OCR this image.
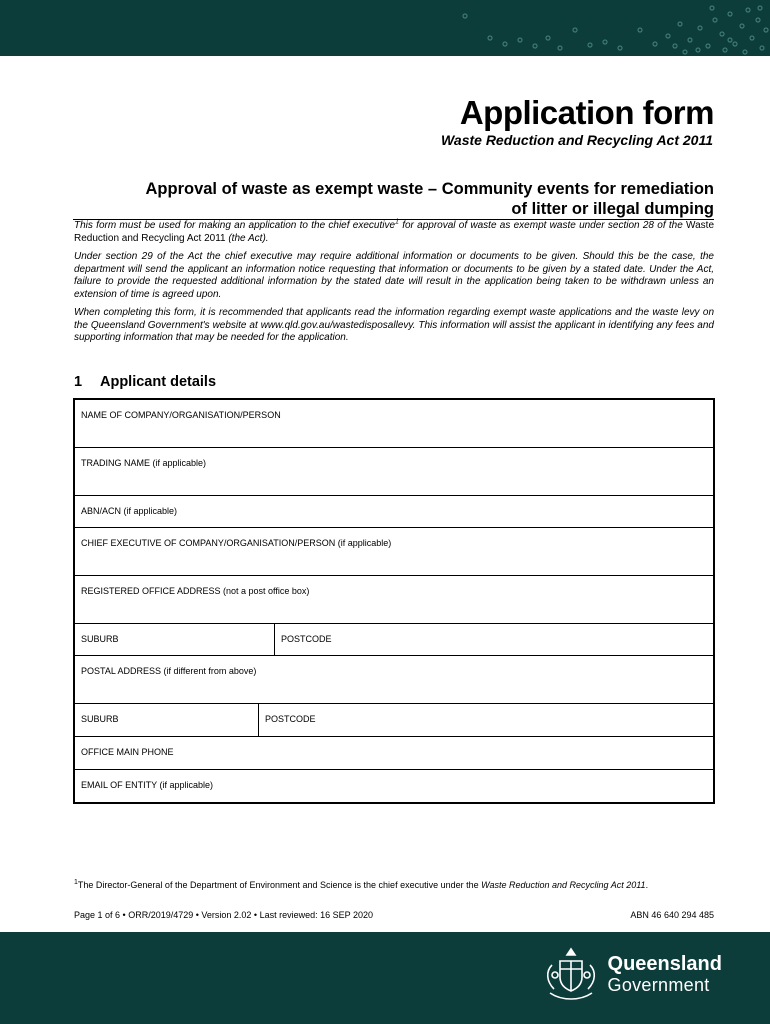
Application form
Waste Reduction and Recycling Act 2011
Approval of waste as exempt waste – Community events for remediation
of litter or illegal dumping

This form must be used for making an application to the chief executive$^1$ for approval of waste as exempt waste under section 28 of the Waste Reduction and Recycling Act 2011 (the Act).

Under section 29 of the Act the chief executive may require additional information or documents to be given. Should this be the case, the department will send the applicant an information notice requesting that information or documents to be given by a stated date. Under the Act, failure to provide the requested additional information by the stated date will result in the application being taken to be withdrawn unless an extension of time is agreed upon.

When completing this form, it is recommended that applicants read the information regarding exempt waste applications and the waste levy on the Queensland Government's website at www.qld.gov.au/wastedisposallevy. This information will assist the applicant in identifying any fees and supporting information that may be needed for the application.

1 Applicant details
NAME OF COMPANY/ORGANISATION/PERSON
TRADING NAME (if applicable)
ABN/ACN (if applicable)
CHIEF EXECUTIVE OF COMPANY/ORGANISATION/PERSON (if applicable)
REGISTERED OFFICE ADDRESS (not a post office box)
SUBURB	POSTCODE
POSTAL ADDRESS (if different from above)
SUBURB	POSTCODE
OFFICE MAIN PHONE
EMAIL OF ENTITY (if applicable)
$^1$The Director-General of the Department of Environment and Science is the chief executive under the Waste Reduction and Recycling Act 2011.
Page 1 of 6 • ORR/2019/4729 • Version 2.02 • Last reviewed: 16 SEP 2020	ABN 46 640 294 485
Queensland
Government
